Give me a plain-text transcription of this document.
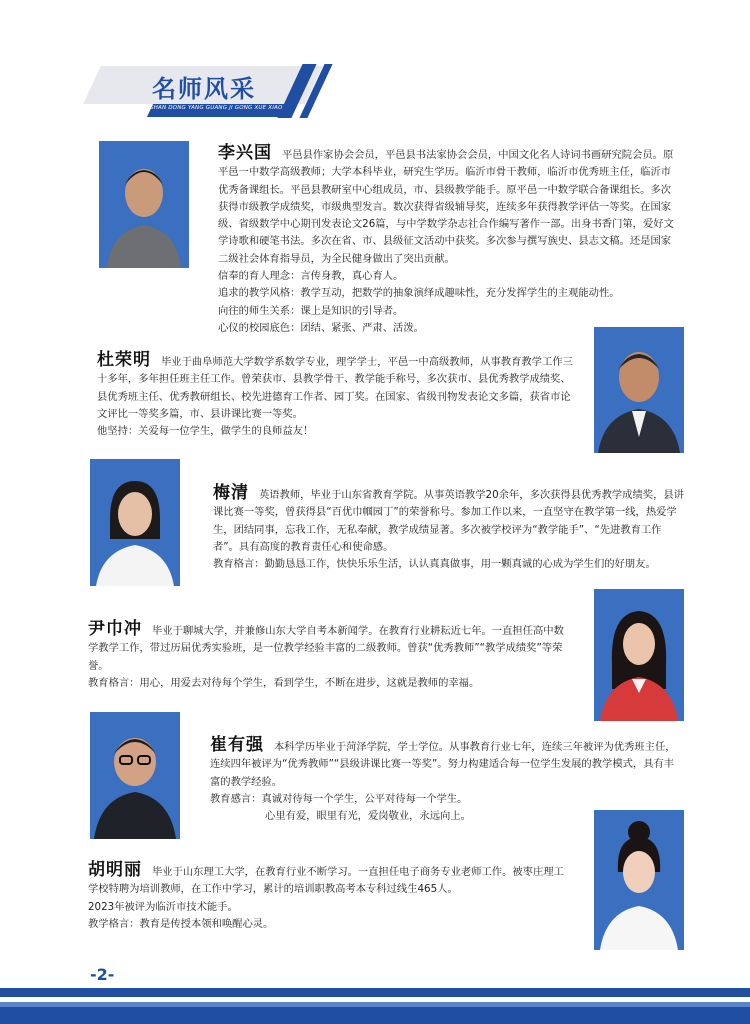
名师风采
SHAN DONG YANG GUANG JI GONG XUE XIAO

李兴国 平邑县作家协会会员，平邑县书法家协会会员，中国文化名人诗词书画研究院会员。原平邑一中数学高级教师；大学本科毕业，研究生学历。临沂市骨干教师，临沂市优秀班主任，临沂市优秀备课组长。平邑县教研室中心组成员，市、县级教学能手。原平邑一中数学联合备课组长。多次获得市级教学成绩奖，市级典型发言。数次获得省级辅导奖，连续多年获得教学评估一等奖。在国家级、省级数学中心期刊发表论文26篇，与中学数学杂志社合作编写著作一部。出身书香门第，爱好文学诗歌和硬笔书法。多次在省、市、县级征文活动中获奖。多次参与撰写族史、县志文稿。还是国家二级社会体育指导员，为全民健身做出了突出贡献。

信奉的育人理念：言传身教，真心育人。

追求的教学风格：教学互动，把数学的抽象演绎成趣味性，充分发挥学生的主观能动性。

向往的师生关系：课上是知识的引导者。

心仪的校园底色：团结、紧张、严肃、活泼。

杜荣明 毕业于曲阜师范大学数学系数学专业，理学学士，平邑一中高级教师，从事教育教学工作三十多年，多年担任班主任工作。曾荣获市、县教学骨干、教学能手称号，多次获市、县优秀教学成绩奖、县优秀班主任、优秀教研组长、校先进德育工作者、园丁奖。在国家、省级刊物发表论文多篇，获省市论文评比一等奖多篇，市、县讲课比赛一等奖。

他坚持：关爱每一位学生，做学生的良师益友！

梅清 英语教师，毕业于山东省教育学院。从事英语教学20余年，多次获得县优秀教学成绩奖，县讲课比赛一等奖，曾获得县“百优巾帼园丁”的荣誉称号。参加工作以来，一直坚守在教学第一线，热爱学生，团结同事，忘我工作，无私奉献，教学成绩显著。多次被学校评为“教学能手”、“先进教育工作者”。具有高度的教育责任心和使命感。

教育格言：勤勤恳恳工作，快快乐乐生活，认认真真做事，用一颗真诚的心成为学生们的好朋友。

尹巾冲 毕业于聊城大学，并兼修山东大学自考本新闻学。在教育行业耕耘近七年。一直担任高中数学教学工作，带过历届优秀实验班，是一位教学经验丰富的二级教师。曾获“优秀教师”“教学成绩奖”等荣誉。

教育格言：用心，用爱去对待每个学生，看到学生，不断在进步，这就是教师的幸福。

崔有强 本科学历毕业于菏泽学院，学士学位。从事教育行业七年，连续三年被评为优秀班主任，连续四年被评为“优秀教师”“县级讲课比赛一等奖”。努力构建适合每一位学生发展的教学模式，具有丰富的教学经验。

教育感言：真诚对待每一个学生，公平对待每一个学生。

心里有爱，眼里有光，爱岗敬业，永远向上。

胡明丽 毕业于山东理工大学，在教育行业不断学习。一直担任电子商务专业老师工作。被枣庄理工学校特聘为培训教师，在工作中学习，累计的培训职教高考本专科过线生465人。

2023年被评为临沂市技术能手。

教学格言：教育是传授本领和唤醒心灵。

-2-
